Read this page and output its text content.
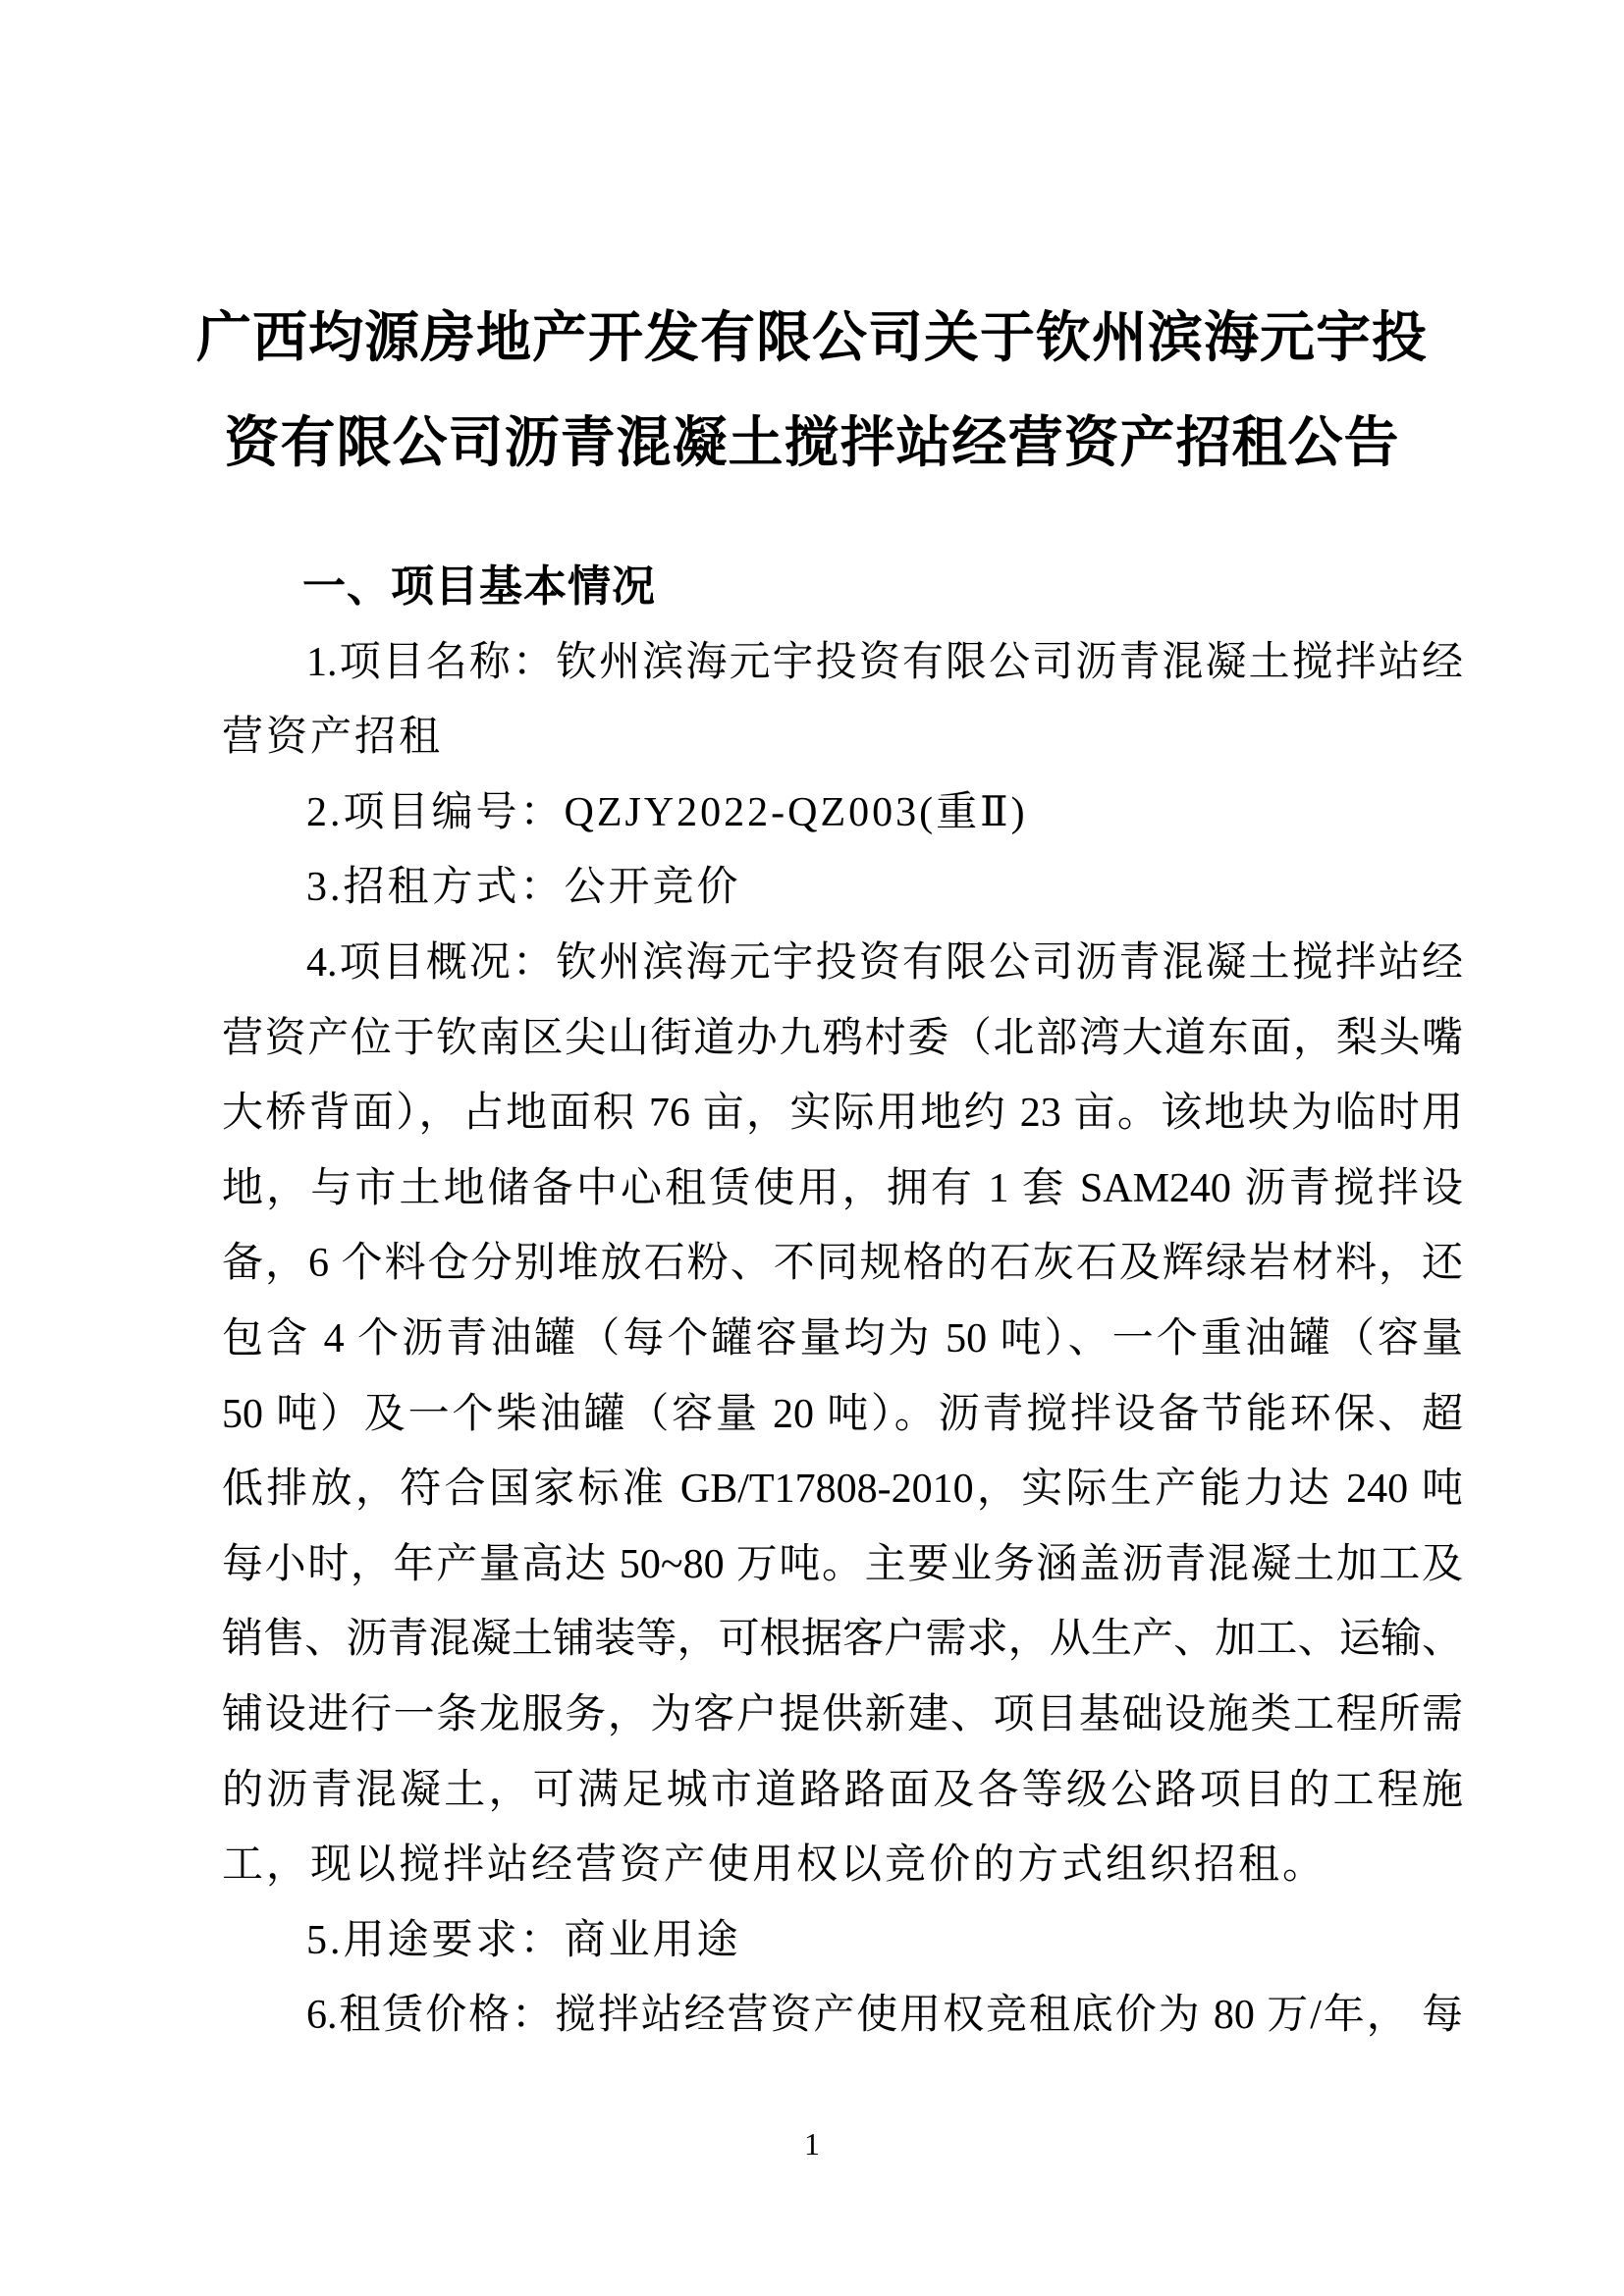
广西均源房地产开发有限公司关于钦州滨海元宇投
资有限公司沥青混凝土搅拌站经营资产招租公告
一、项目基本情况
1.项目名称：钦州滨海元宇投资有限公司沥青混凝土搅拌站经
营资产招租
2.项目编号：QZJY2022-QZ003(重Ⅱ)
3.招租方式：公开竞价
4.项目概况：钦州滨海元宇投资有限公司沥青混凝土搅拌站经
营资产位于钦南区尖山街道办九鸦村委（北部湾大道东面，梨头嘴
大桥背面），占地面积 76 亩，实际用地约 23 亩。该地块为临时用
地，与市土地储备中心租赁使用，拥有 1 套 SAM240 沥青搅拌设
备，6 个料仓分别堆放石粉、不同规格的石灰石及辉绿岩材料，还
包含 4 个沥青油罐（每个罐容量均为 50 吨）、一个重油罐（容量
50 吨）及一个柴油罐（容量 20 吨）。沥青搅拌设备节能环保、超
低排放，符合国家标准 GB/T17808-2010，实际生产能力达 240 吨
每小时，年产量高达 50~80 万吨。主要业务涵盖沥青混凝土加工及
销售、沥青混凝土铺装等，可根据客户需求，从生产、加工、运输、
铺设进行一条龙服务，为客户提供新建、项目基础设施类工程所需
的沥青混凝土，可满足城市道路路面及各等级公路项目的工程施
工，现以搅拌站经营资产使用权以竞价的方式组织招租。
5.用途要求：商业用途
6.租赁价格：搅拌站经营资产使用权竞租底价为 80 万/年， 每
1
